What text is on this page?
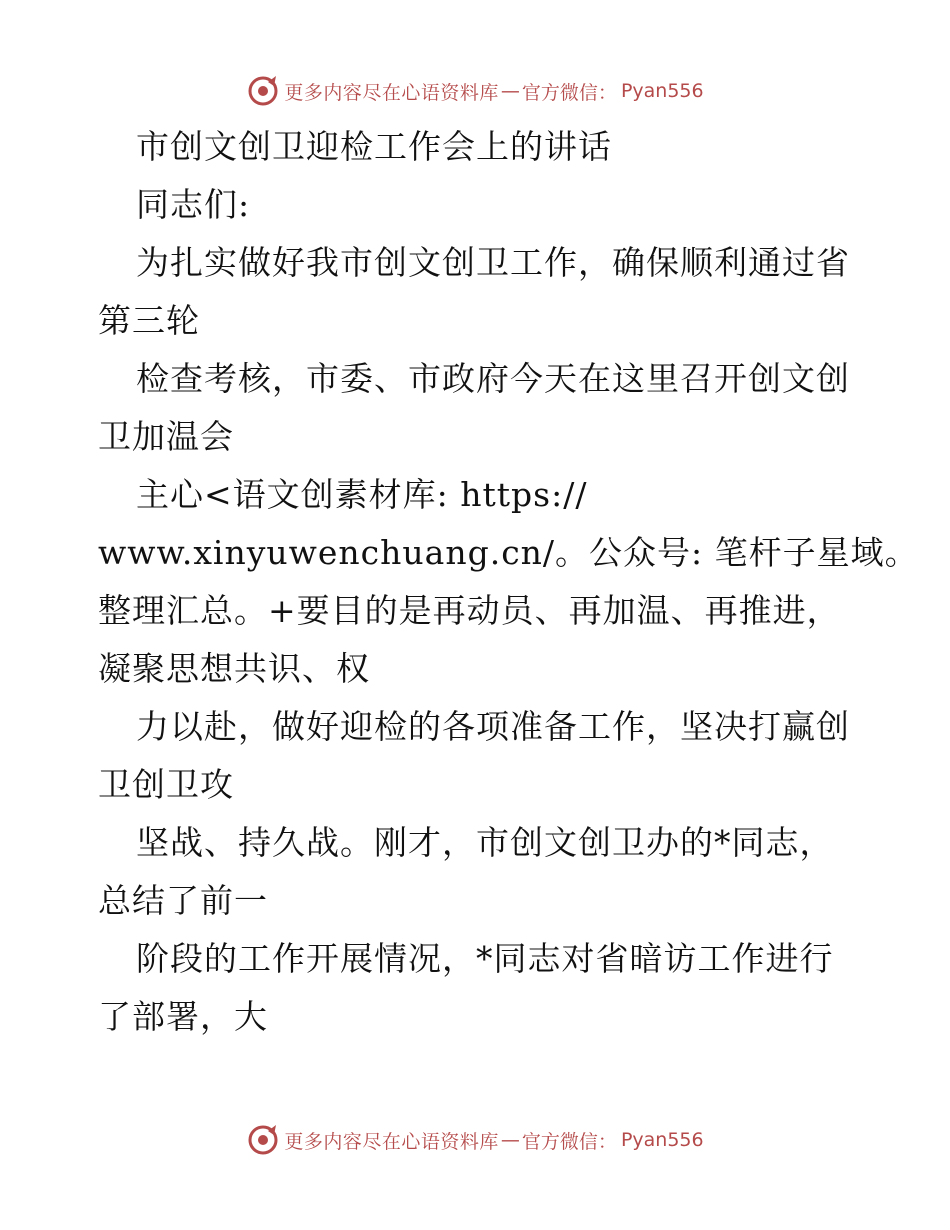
更多内容尽在心语资料库 — 官方微信： Pyan556
市创文创卫迎检工作会上的讲话
同志们:
为扎实做好我市创文创卫工作，确保顺利通过省
第三轮
检查考核，市委、市政府今天在这里召开创文创
卫加温会
主心<语文创素材库: https://
www.xinyuwenchuang.cn/。公众号: 笔杆子星域。
整理汇总。+要目的是再动员、再加温、再推进，
凝聚思想共识、权
力以赴，做好迎检的各项准备工作，坚决打赢创
卫创卫攻
坚战、持久战。刚才，市创文创卫办的*同志，
总结了前一
阶段的工作开展情况，*同志对省暗访工作进行
了部署，大
更多内容尽在心语资料库 — 官方微信： Pyan556
